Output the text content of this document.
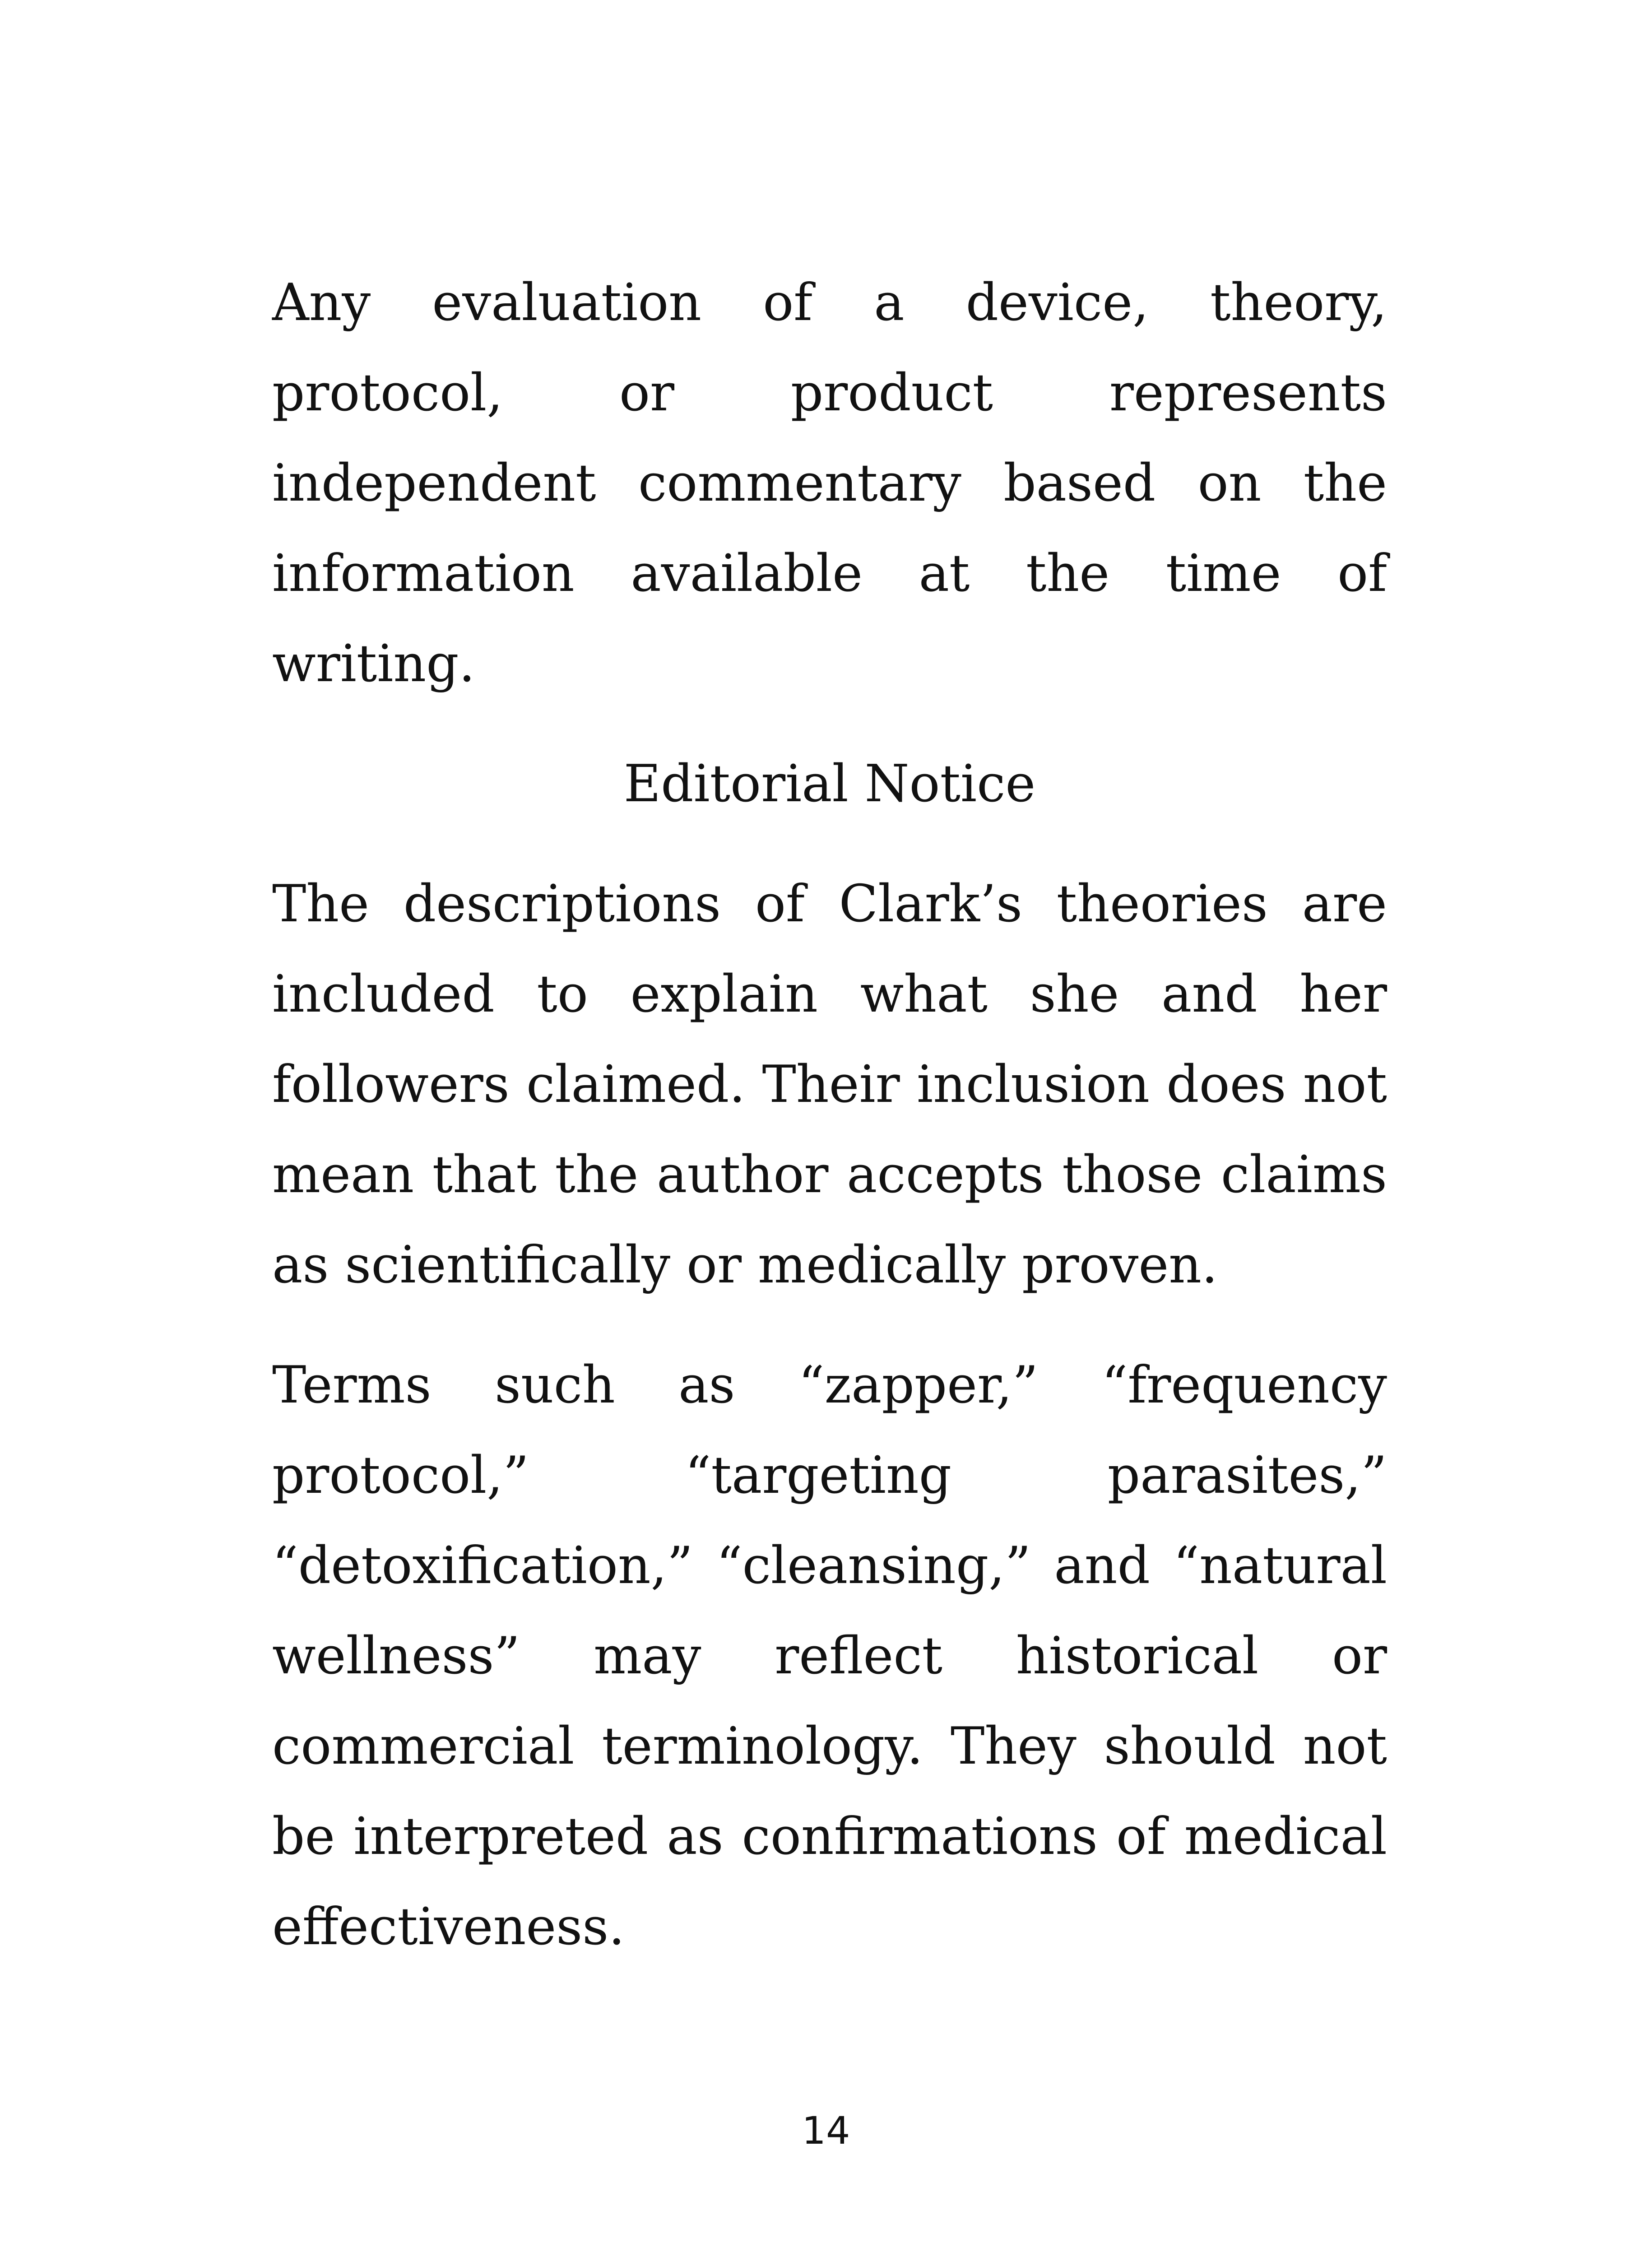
Any evaluation of a device, theory, protocol, or product represents independent commentary based on the information available at the time of writing.

Editorial Notice

The descriptions of Clark’s theories are included to explain what she and her followers claimed. Their inclusion does not mean that the author accepts those claims as scientifically or medically proven.

Terms such as “zapper,” “frequency protocol,” “targeting parasites,” “detoxification,” “cleansing,” and “natural wellness” may reflect historical or commercial terminology. They should not be interpreted as confirmations of medical effectiveness.

14
